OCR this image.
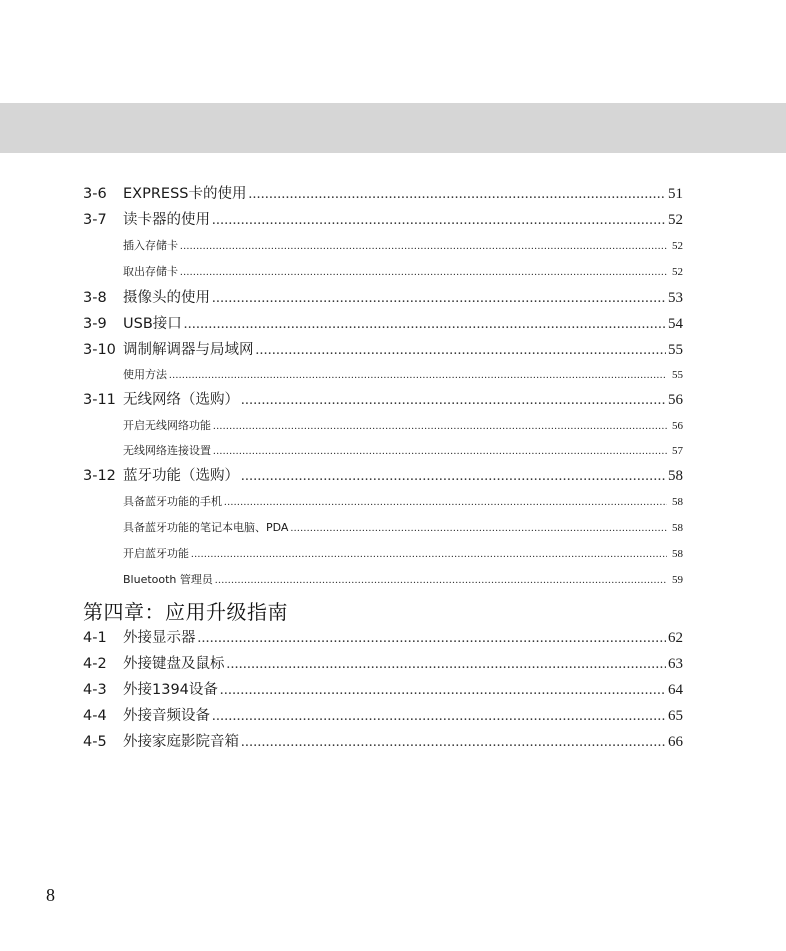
3-6	EXPRESS卡的使用 .....	51
3-7	读卡器的使用 .....	52
插入存储卡 .....	52
取出存储卡 .....	52
3-8	摄像头的使用 .....	53
3-9	USB接口 .....	54
3-10 调制解调器与局域网 .....	55
使用方法 .....	55
3-11 无线网络（选购） .....	56
开启无线网络功能 .....	56
无线网络连接设置 .....	57
3-12 蓝牙功能（选购） .....	58
具备蓝牙功能的手机 .....	58
具备蓝牙功能的笔记本电脑、PDA .....	58
开启蓝牙功能 .....	58
Bluetooth 管理员 .....	59
第四章：应用升级指南
4-1	外接显示器 .....	62
4-2	外接键盘及鼠标 .....	63
4-3	外接1394设备 .....	64
4-4	外接音频设备 .....	65
4-5	外接家庭影院音箱 .....	66
8
